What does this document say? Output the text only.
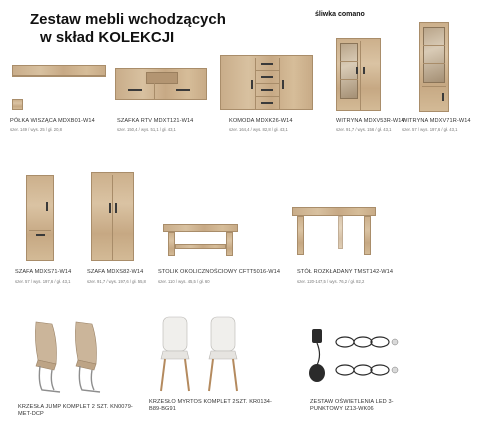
Zestaw mebli wchodzących
w skład KOLEKCJI
śliwka comano
PÓŁKA WISZĄCA MDXB01-W14
szer. 149 / wys. 25 / gł. 20,8
SZAFKA RTV MDXT121-W14
szer. 150,4 / wys. 51,1 / gł. 43,1
KOMODA MDXK26-W14
szer. 164,4 / wys. 82,8 / gł. 43,1
WITRYNA MDXV53R-W14
szer. 91,7 / wys. 156 / gł. 43,1
WITRYNA MDXV71R-W14
szer. 57 / wys. 197,6 / gł. 43,1
SZAFA MDXS71-W14
szer. 57 / wys. 197,6 / gł. 43,1
SZAFA MDXS82-W14
szer. 91,7 / wys. 197,6 / gł. 55,8
STOLIK OKOLICZNOŚCIOWY CFTT5016-W14
szer. 110 / wys. 45,5 / gł. 60
STÓŁ ROZKŁADANY TMST142-W14
szer. 120-147,5 / wys. 76,2 / gł. 82,2
KRZESŁA JUMP KOMPLET 2 SZT. KN0079-MET-DCP
KRZESŁO MYRTOS KOMPLET 2SZT. KR0134-B89-BG91
ZESTAW OŚWIETLENIA LED 3-PUNKTOWY IZ13-WK06
